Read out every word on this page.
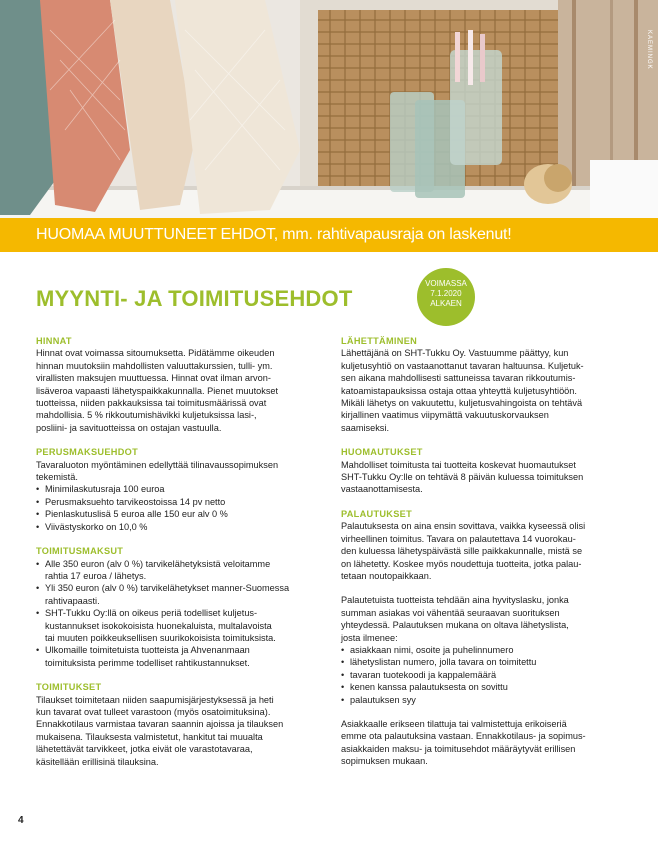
KAEMINGK
HUOMAA MUUTTUNEET EHDOT, mm. rahtivapausraja on laskenut!
MYYNTI- JA TOIMITUSEHDOT
VOIMASSA
7.1.2020
ALKAEN
HINNAT
Hinnat ovat voimassa sitoumuksetta. Pidätämme oikeuden
hinnan muutoksiin mahdollisten valuuttakurssien, tulli- ym.
virallisten maksujen muuttuessa. Hinnat ovat ilman arvon-
lisäveroa vapaasti lähetyspaikkakunnalla. Pienet muutokset
tuotteissa, niiden pakkauksissa tai toimitusmäärissä ovat
mahdollisia. 5 % rikkoutumishävikki kuljetuksissa lasi-,
posliini- ja savituotteissa on ostajan vastuulla.
PERUSMAKSUEHDOT
Tavaraluoton myöntäminen edellyttää tilinavaussopimuksen
tekemistä.
• Minimilaskutusraja 100 euroa
• Perusmaksuehto tarvikeostoissa 14 pv netto
• Pienlaskutuslisä 5 euroa alle 150 eur alv 0 %
• Viivästyskorko on 10,0 %
TOIMITUSMAKSUT
• Alle 350 euron (alv 0 %) tarvikelähetyksistä veloitamme
rahtia 17 euroa / lähetys.
• Yli 350 euron (alv 0 %) tarvikelähetykset manner-Suomessa
rahtivapaasti.
• SHT-Tukku Oy:llä on oikeus periä todelliset kuljetus-
kustannukset isokokoisista huonekaluista, multalavoista
tai muuten poikkeuksellisen suurikokoisista toimituksista.
• Ulkomaille toimitetuista tuotteista ja Ahvenanmaan
toimituksista perimme todelliset rahtikustannukset.
TOIMITUKSET
Tilaukset toimitetaan niiden saapumisjärjestyksessä ja heti
kun tavarat ovat tulleet varastoon (myös osatoimituksina).
Ennakkotilaus varmistaa tavaran saannin ajoissa ja tilauksen
mukaisena. Tilauksesta valmistetut, hankitut tai muualta
lähetettävät tarvikkeet, jotka eivät ole varastotavaraa,
käsitellään erillisinä tilauksina.
LÄHETTÄMINEN
Lähettäjänä on SHT-Tukku Oy. Vastuumme päättyy, kun
kuljetusyhtiö on vastaanottanut tavaran haltuunsa. Kuljetuk-
sen aikana mahdollisesti sattuneissa tavaran rikkoutumis-
katoamistapauksissa ostaja ottaa yhteyttä kuljetusyhtiöön.
Mikäli lähetys on vakuutettu, kuljetusvahingoista on tehtävä
kirjallinen vaatimus viipymättä vakuutuskorvauksen
saamiseksi.
HUOMAUTUKSET
Mahdolliset toimitusta tai tuotteita koskevat huomautukset
SHT-Tukku Oy:lle on tehtävä 8 päivän kuluessa toimituksen
vastaanottamisesta.
PALAUTUKSET
Palautuksesta on aina ensin sovittava, vaikka kyseessä olisi
virheellinen toimitus. Tavara on palautettava 14 vuorokau-
den kuluessa lähetyspäivästä sille paikkakunnalle, mistä se
on lähetetty. Koskee myös noudettuja tuotteita, jotka palau-
tetaan noutopaikkaan.
Palautetuista tuotteista tehdään aina hyvityslasku, jonka
summan asiakas voi vähentää seuraavan suorituksen
yhteydessä. Palautuksen mukana on oltava lähetyslista,
josta ilmenee:
• asiakkaan nimi, osoite ja puhelinnumero
• lähetyslistan numero, jolla tavara on toimitettu
• tavaran tuotekoodi ja kappalemäärä
• kenen kanssa palautuksesta on sovittu
• palautuksen syy
Asiakkaalle erikseen tilattuja tai valmistettuja erikoiseriä
emme ota palautuksina vastaan. Ennakkotilaus- ja sopimus-
asiakkaiden maksu- ja toimitusehdot määräytyvät erillisen
sopimuksen mukaan.
4
